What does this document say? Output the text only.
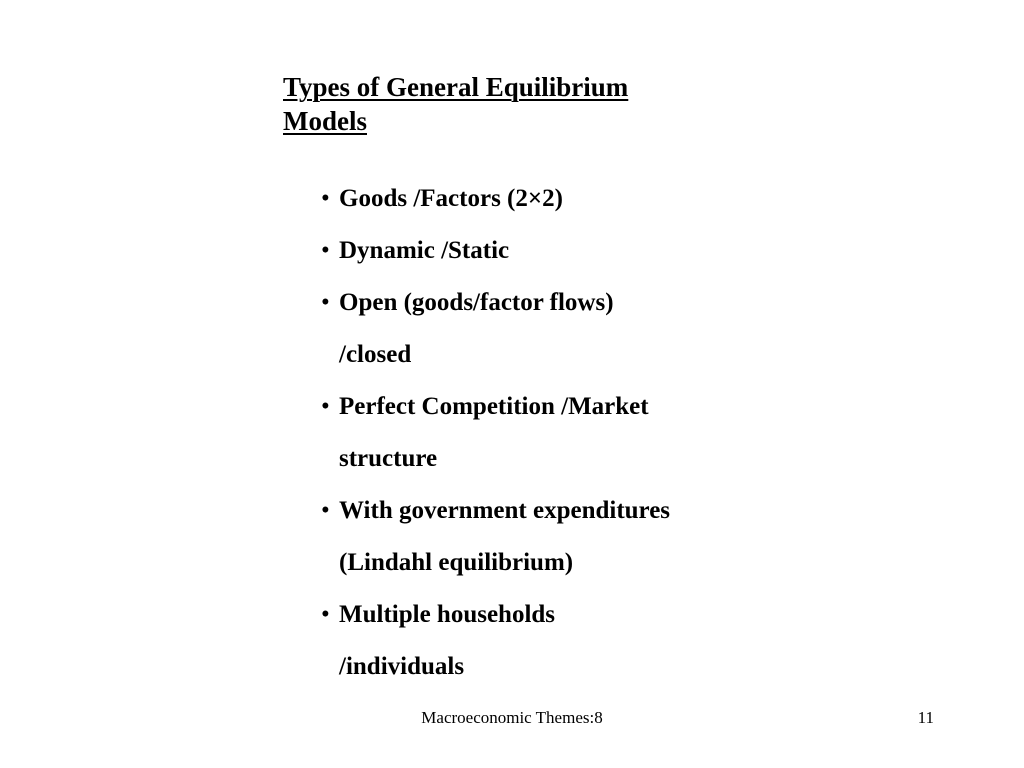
Types of General Equilibrium
Models
• Goods /Factors (2×2)
• Dynamic /Static
• Open (goods/factor flows)
/closed
• Perfect Competition /Market
structure
• With government expenditures
(Lindahl equilibrium)
• Multiple households
/individuals
Macroeconomic Themes:8	11
